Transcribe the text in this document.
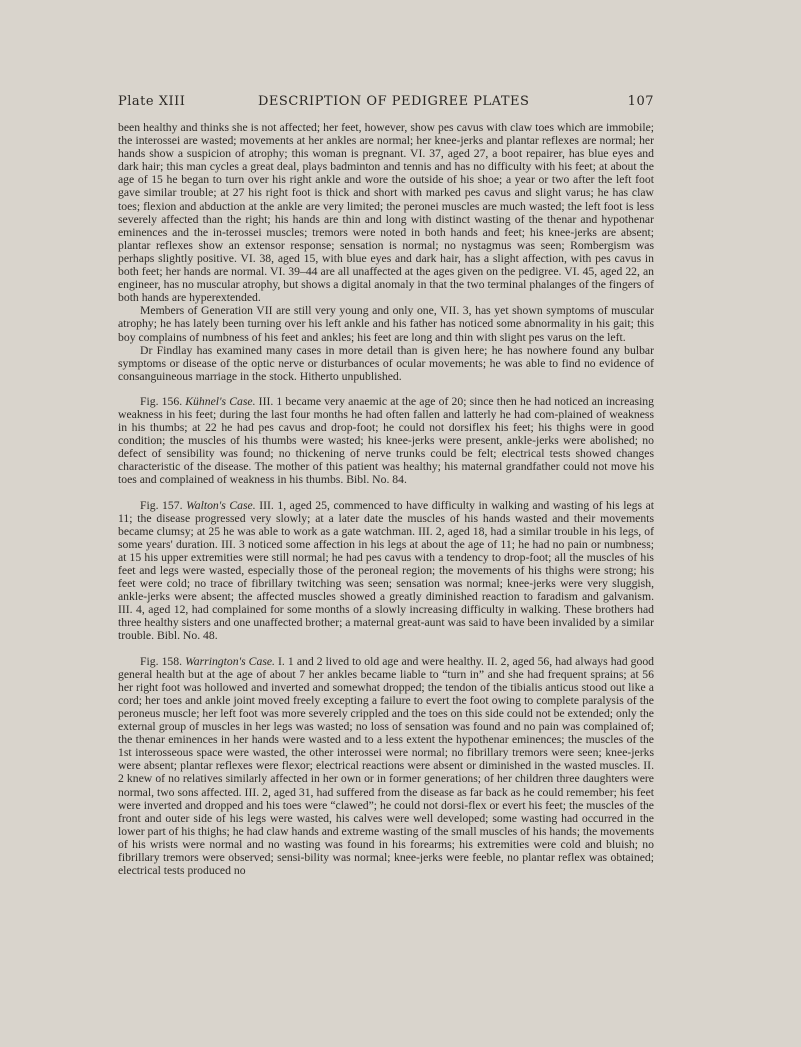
Plate XIII	DESCRIPTION OF PEDIGREE PLATES	107

been healthy and thinks she is not affected; her feet, however, show pes cavus with claw toes which are immobile; the interossei are wasted; movements at her ankles are normal; her knee-jerks and plantar reflexes are normal; her hands show a suspicion of atrophy; this woman is pregnant. VI. 37, aged 27, a boot repairer, has blue eyes and dark hair; this man cycles a great deal, plays badminton and tennis and has no difficulty with his feet; at about the age of 15 he began to turn over his right ankle and wore the outside of his shoe; a year or two after the left foot gave similar trouble; at 27 his right foot is thick and short with marked pes cavus and slight varus; he has claw toes; flexion and abduction at the ankle are very limited; the peronei muscles are much wasted; the left foot is less severely affected than the right; his hands are thin and long with distinct wasting of the thenar and hypothenar eminences and the in-terossei muscles; tremors were noted in both hands and feet; his knee-jerks are absent; plantar reflexes show an extensor response; sensation is normal; no nystagmus was seen; Rombergism was perhaps slightly positive. VI. 38, aged 15, with blue eyes and dark hair, has a slight affection, with pes cavus in both feet; her hands are normal. VI. 39–44 are all unaffected at the ages given on the pedigree. VI. 45, aged 22, an engineer, has no muscular atrophy, but shows a digital anomaly in that the two terminal phalanges of the fingers of both hands are hyperextended.

Members of Generation VII are still very young and only one, VII. 3, has yet shown symptoms of muscular atrophy; he has lately been turning over his left ankle and his father has noticed some abnormality in his gait; this boy complains of numbness of his feet and ankles; his feet are long and thin with slight pes varus on the left.

Dr Findlay has examined many cases in more detail than is given here; he has nowhere found any bulbar symptoms or disease of the optic nerve or disturbances of ocular movements; he was able to find no evidence of consanguineous marriage in the stock. Hitherto unpublished.

Fig. 156. Kühnel's Case. III. 1 became very anaemic at the age of 20; since then he had noticed an increasing weakness in his feet; during the last four months he had often fallen and latterly he had com-plained of weakness in his thumbs; at 22 he had pes cavus and drop-foot; he could not dorsiflex his feet; his thighs were in good condition; the muscles of his thumbs were wasted; his knee-jerks were present, ankle-jerks were abolished; no defect of sensibility was found; no thickening of nerve trunks could be felt; electrical tests showed changes characteristic of the disease. The mother of this patient was healthy; his maternal grandfather could not move his toes and complained of weakness in his thumbs. Bibl. No. 84.

Fig. 157. Walton's Case. III. 1, aged 25, commenced to have difficulty in walking and wasting of his legs at 11; the disease progressed very slowly; at a later date the muscles of his hands wasted and their movements became clumsy; at 25 he was able to work as a gate watchman. III. 2, aged 18, had a similar trouble in his legs, of some years' duration. III. 3 noticed some affection in his legs at about the age of 11; he had no pain or numbness; at 15 his upper extremities were still normal; he had pes cavus with a tendency to drop-foot; all the muscles of his feet and legs were wasted, especially those of the peroneal region; the movements of his thighs were strong; his feet were cold; no trace of fibrillary twitching was seen; sensation was normal; knee-jerks were very sluggish, ankle-jerks were absent; the affected muscles showed a greatly diminished reaction to faradism and galvanism. III. 4, aged 12, had complained for some months of a slowly increasing difficulty in walking. These brothers had three healthy sisters and one unaffected brother; a maternal great-aunt was said to have been invalided by a similar trouble. Bibl. No. 48.

Fig. 158. Warrington's Case. I. 1 and 2 lived to old age and were healthy. II. 2, aged 56, had always had good general health but at the age of about 7 her ankles became liable to “turn in” and she had frequent sprains; at 56 her right foot was hollowed and inverted and somewhat dropped; the tendon of the tibialis anticus stood out like a cord; her toes and ankle joint moved freely excepting a failure to evert the foot owing to complete paralysis of the peroneus muscle; her left foot was more severely crippled and the toes on this side could not be extended; only the external group of muscles in her legs was wasted; no loss of sensation was found and no pain was complained of; the thenar eminences in her hands were wasted and to a less extent the hypothenar eminences; the muscles of the 1st interosseous space were wasted, the other interossei were normal; no fibrillary tremors were seen; knee-jerks were absent; plantar reflexes were flexor; electrical reactions were absent or diminished in the wasted muscles. II. 2 knew of no relatives similarly affected in her own or in former generations; of her children three daughters were normal, two sons affected. III. 2, aged 31, had suffered from the disease as far back as he could remember; his feet were inverted and dropped and his toes were “clawed”; he could not dorsi-flex or evert his feet; the muscles of the front and outer side of his legs were wasted, his calves were well developed; some wasting had occurred in the lower part of his thighs; he had claw hands and extreme wasting of the small muscles of his hands; the movements of his wrists were normal and no wasting was found in his forearms; his extremities were cold and bluish; no fibrillary tremors were observed; sensi-bility was normal; knee-jerks were feeble, no plantar reflex was obtained; electrical tests produced no
